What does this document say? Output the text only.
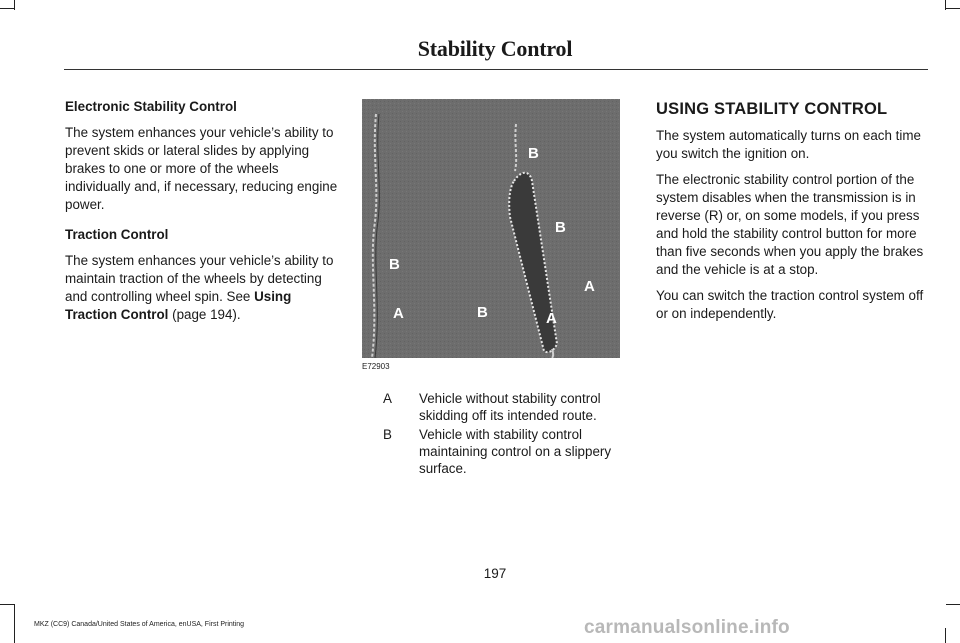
Stability Control

Electronic Stability Control

The system enhances your vehicle’s ability to prevent skids or lateral slides by applying brakes to one or more of the wheels individually and, if necessary, reducing engine power.

Traction Control

The system enhances your vehicle’s ability to maintain traction of the wheels by detecting and controlling wheel spin. See Using Traction Control (page 194).

B
B
B
B
A
A
A
E72903
A	Vehicle without stability control skidding off its intended route.
B	Vehicle with stability control maintaining control on a slippery surface.

USING STABILITY CONTROL

The system automatically turns on each time you switch the ignition on.

The electronic stability control portion of the system disables when the transmission is in reverse (R) or, on some models, if you press and hold the stability control button for more than five seconds when you apply the brakes and the vehicle is at a stop.

You can switch the traction control system off or on independently.

197
MKZ (CC9) Canada/United States of America, enUSA, First Printing	carmanualsonline.info
